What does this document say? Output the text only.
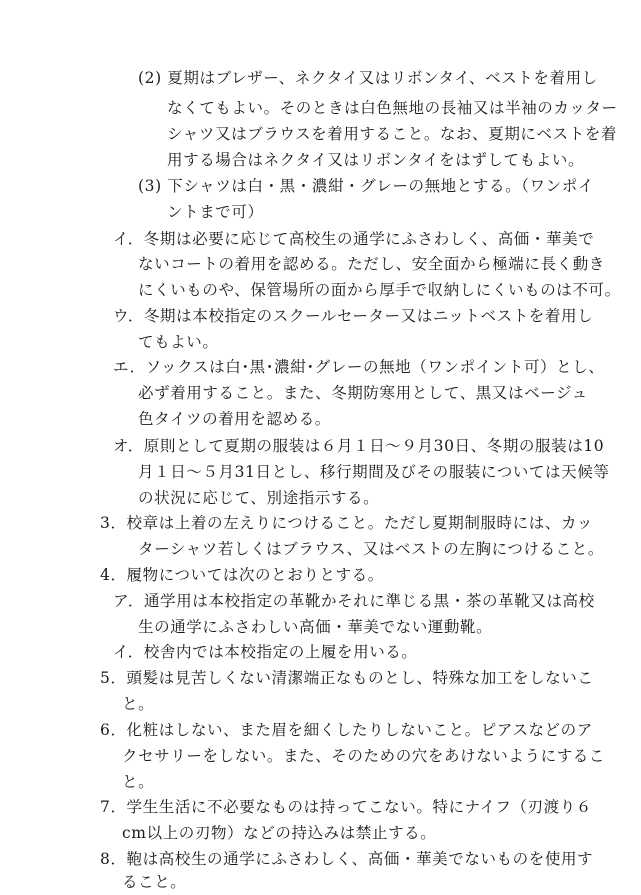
(2) 夏期はブレザー、ネクタイ又はリボンタイ、ベストを着用し
なくてもよい。そのときは白色無地の長袖又は半袖のカッター
シャツ又はブラウスを着用すること。なお、夏期にベストを着
用する場合はネクタイ又はリボンタイをはずしてもよい。
(3) 下シャツは白・黒・濃紺・グレーの無地とする。（ワンポイ
ントまで可）
イ．冬期は必要に応じて高校生の通学にふさわしく、高価・華美で
ないコートの着用を認める。ただし、安全面から極端に長く動き
にくいものや、保管場所の面から厚手で収納しにくいものは不可。
ウ．冬期は本校指定のスクールセーター又はニットベストを着用し
てもよい。
エ．ソックスは白･黒･濃紺･グレーの無地（ワンポイント可）とし、
必ず着用すること。また、冬期防寒用として、黒又はベージュ
色タイツの着用を認める。
オ．原則として夏期の服装は６月１日～９月30日、冬期の服装は10
月１日～５月31日とし、移行期間及びその服装については天候等
の状況に応じて、別途指示する。
3．校章は上着の左えりにつけること。ただし夏期制服時には、カッ
ターシャツ若しくはブラウス、又はベストの左胸につけること。
4．履物については次のとおりとする。
ア．通学用は本校指定の革靴かそれに準じる黒・茶の革靴又は高校
生の通学にふさわしい高価・華美でない運動靴。
イ．校舎内では本校指定の上履を用いる。
5．頭髪は見苦しくない清潔端正なものとし、特殊な加工をしないこ
と。
6．化粧はしない、また眉を細くしたりしないこと。ピアスなどのア
クセサリーをしない。また、そのための穴をあけないようにするこ
と。
7．学生生活に不必要なものは持ってこない。特にナイフ（刃渡り６
cm以上の刃物）などの持込みは禁止する。
8．鞄は高校生の通学にふさわしく、高価・華美でないものを使用す
ること。
